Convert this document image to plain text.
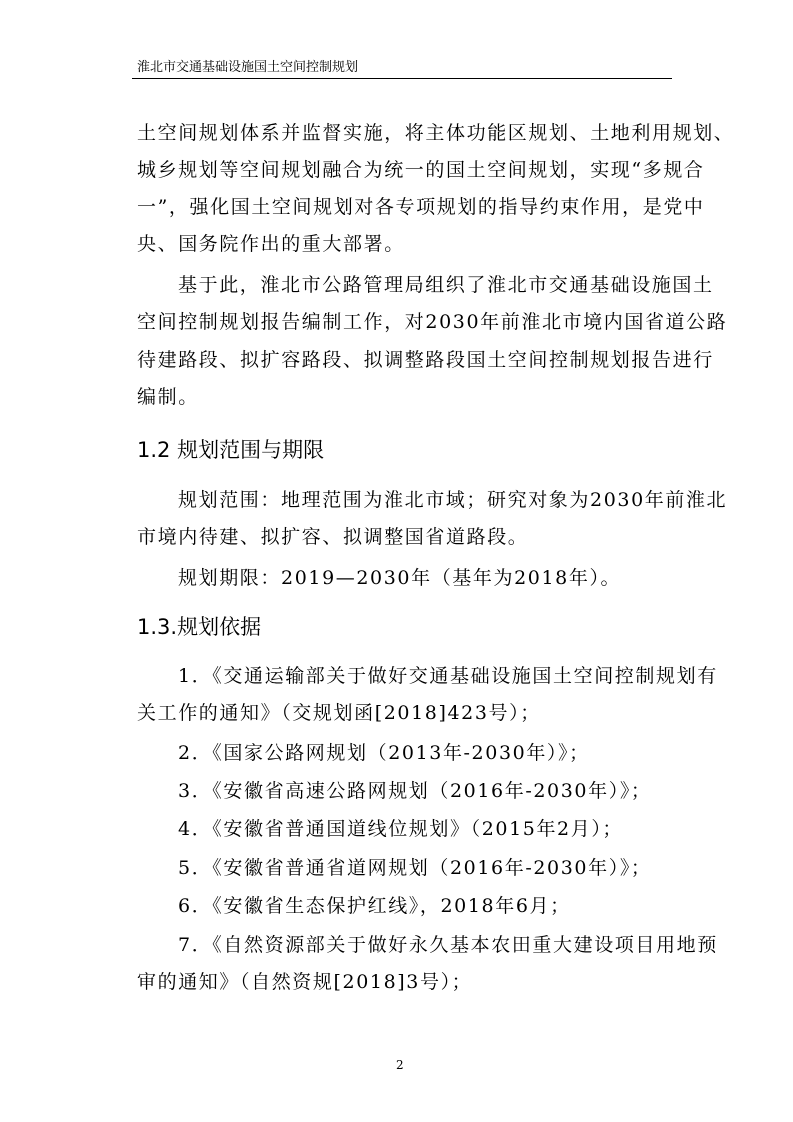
淮北市交通基础设施国土空间控制规划
土空间规划体系并监督实施，将主体功能区规划、土地利用规划、
城乡规划等空间规划融合为统一的国土空间规划，实现“多规合
一”，强化国土空间规划对各专项规划的指导约束作用，是党中
央、国务院作出的重大部署。
基于此，淮北市公路管理局组织了淮北市交通基础设施国土
空间控制规划报告编制工作，对2030年前淮北市境内国省道公路
待建路段、拟扩容路段、拟调整路段国土空间控制规划报告进行
编制。
1.2 规划范围与期限
规划范围：地理范围为淮北市域；研究对象为2030年前淮北
市境内待建、拟扩容、拟调整国省道路段。
规划期限：2019—2030年（基年为2018年）。
1.3.规划依据
1．《交通运输部关于做好交通基础设施国土空间控制规划有
关工作的通知》（交规划函[2018]423号）；
2．《国家公路网规划（2013年-2030年）》；
3．《安徽省高速公路网规划（2016年-2030年）》；
4．《安徽省普通国道线位规划》（2015年2月）；
5．《安徽省普通省道网规划（2016年-2030年）》；
6．《安徽省生态保护红线》，2018年6月；
7．《自然资源部关于做好永久基本农田重大建设项目用地预
审的通知》（自然资规[2018]3号）；
2
